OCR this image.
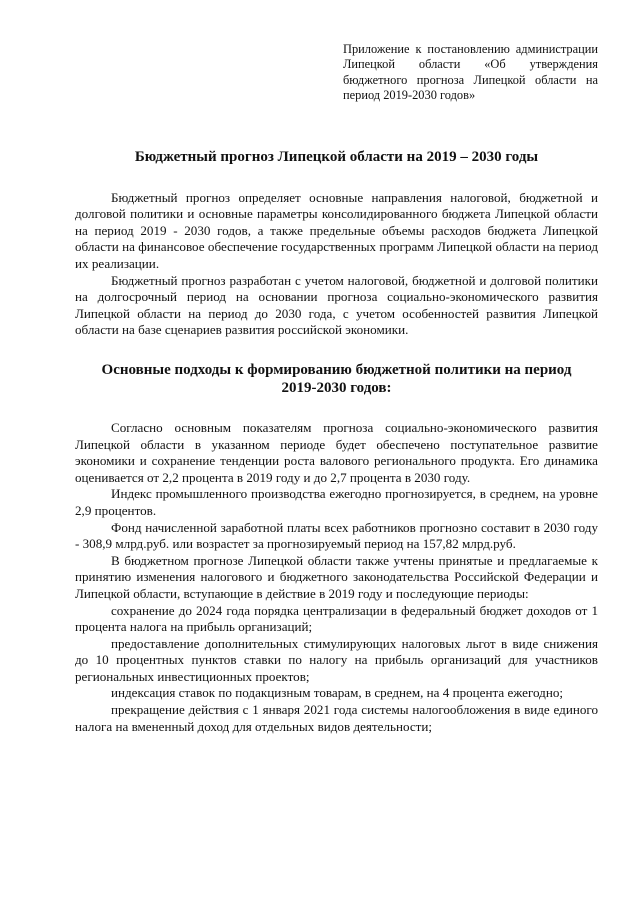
Приложение к постановлению администрации Липецкой области «Об утверждения бюджетного прогноза Липецкой области на период 2019-2030 годов»
Бюджетный прогноз Липецкой области на 2019 – 2030 годы

Бюджетный прогноз определяет основные направления налоговой, бюджетной и долговой политики и основные параметры консолидированного бюджета Липецкой области на период 2019 - 2030 годов, а также предельные объемы расходов бюджета Липецкой области на финансовое обеспечение государственных программ Липецкой области на период их реализации.

Бюджетный прогноз разработан с учетом налоговой, бюджетной и долговой политики на долгосрочный период на основании прогноза социально-экономического развития Липецкой области на период до 2030 года, с учетом особенностей развития Липецкой области на базе сценариев развития российской экономики.

Основные подходы к формированию бюджетной политики на период 2019-2030 годов:

Согласно основным показателям прогноза социально-экономического развития Липецкой области в указанном периоде будет обеспечено поступательное развитие экономики и сохранение тенденции роста валового регионального продукта. Его динамика оценивается от 2,2 процента в 2019 году и до 2,7 процента в 2030 году.

Индекс промышленного производства ежегодно прогнозируется, в среднем, на уровне 2,9 процентов.

Фонд начисленной заработной платы всех работников прогнозно составит в 2030 году - 308,9 млрд.руб. или возрастет за прогнозируемый период на 157,82 млрд.руб.

В бюджетном прогнозе Липецкой области также учтены принятые и предлагаемые к принятию изменения налогового и бюджетного законодательства Российской Федерации и Липецкой области, вступающие в действие в 2019 году и последующие периоды:

сохранение до 2024 года порядка централизации в федеральный бюджет доходов от 1 процента налога на прибыль организаций;

предоставление дополнительных стимулирующих налоговых льгот в виде снижения до 10 процентных пунктов ставки по налогу на прибыль организаций для участников региональных инвестиционных проектов;

индексация ставок по подакцизным товарам, в среднем, на 4 процента ежегодно;

прекращение действия с 1 января 2021 года системы налогообложения в виде единого налога на вмененный доход для отдельных видов деятельности;
